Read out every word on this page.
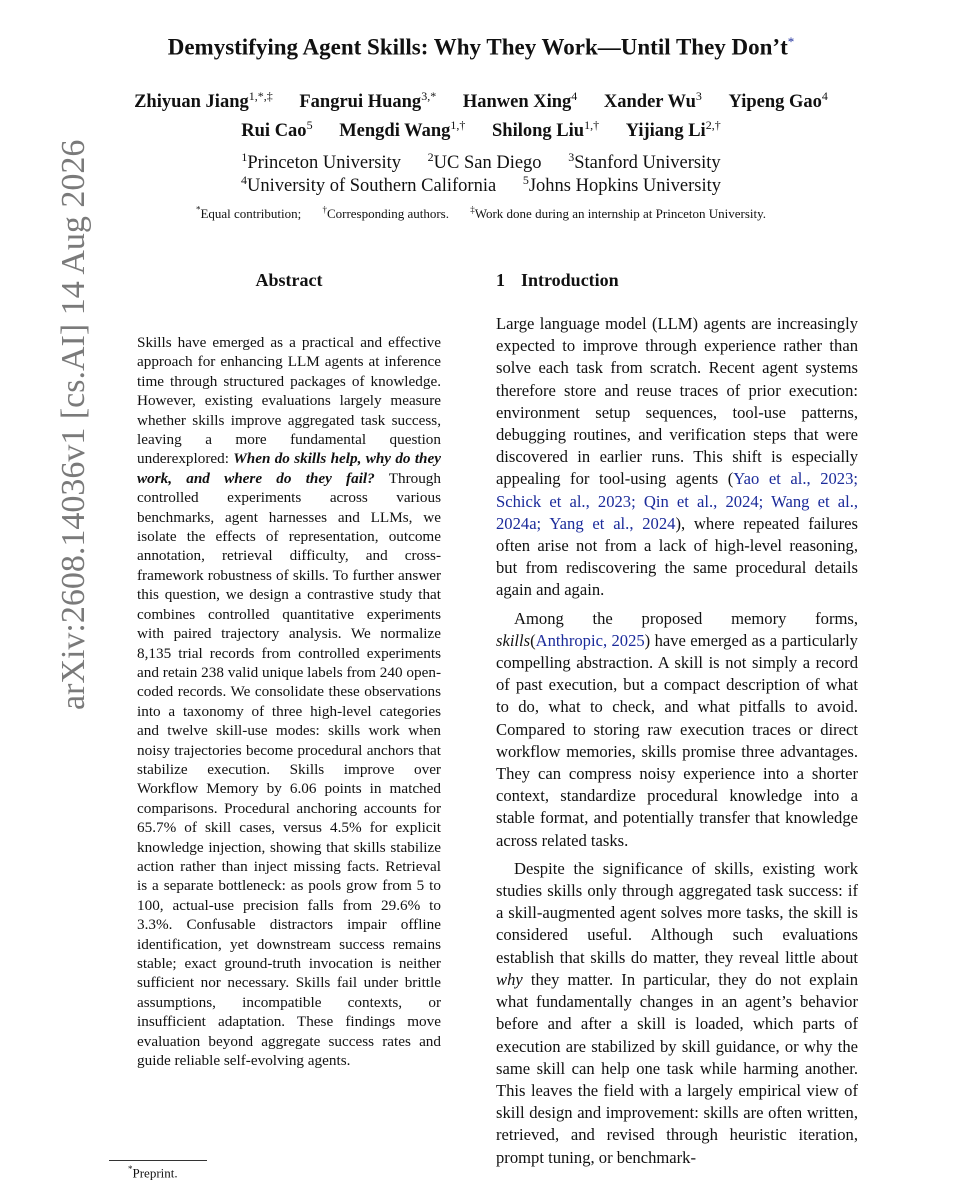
arXiv:2608.14036v1 [cs.AI] 14 Aug 2026
Demystifying Agent Skills: Why They Work—Until They Don’t*
Zhiyuan Jiang$^{1,*,\ddagger}$ Fangrui Huang$^{3,*}$ Hanwen Xing$^4$ Xander Wu$^3$ Yipeng Gao$^4$
Rui Cao$^5$ Mengdi Wang$^{1,\dagger}$ Shilong Liu$^{1,\dagger}$ Yijiang $Li^{2,\dagger}$
$^1$Princeton University $^2$UC San Diego $^3$Stanford University
$^4$University of Southern California $^5$Johns Hopkins University
*Equal contribution; †Corresponding authors. ‡Work done during an internship at Princeton University.
Abstract
Skills have emerged as a practical and effective approach for enhancing LLM agents at inference time through structured packages of knowledge. However, existing evaluations largely measure whether skills improve aggregated task success, leaving a more fundamental question underexplored: When do skills help, why do they work, and where do they fail? Through controlled experiments across various benchmarks, agent harnesses and LLMs, we isolate the effects of representation, outcome annotation, retrieval difficulty, and cross-framework robustness of skills. To further answer this question, we design a contrastive study that combines controlled quantitative experiments with paired trajectory analysis. We normalize 8,135 trial records from controlled experiments and retain 238 valid unique labels from 240 open-coded records. We consolidate these observations into a taxonomy of three high-level categories and twelve skill-use modes: skills work when noisy trajectories become procedural anchors that stabilize execution. Skills improve over Workflow Memory by 6.06 points in matched comparisons. Procedural anchoring accounts for 65.7% of skill cases, versus 4.5% for explicit knowledge injection, showing that skills stabilize action rather than inject missing facts. Retrieval is a separate bottleneck: as pools grow from 5 to 100, actual-use precision falls from 29.6% to 3.3%. Confusable distractors impair offline identification, yet downstream success remains stable; exact ground-truth invocation is neither sufficient nor necessary. Skills fail under brittle assumptions, incompatible contexts, or insufficient adaptation. These findings move evaluation beyond aggregate success rates and guide reliable self-evolving agents.
1 Introduction

Large language model (LLM) agents are increasingly expected to improve through experience rather than solve each task from scratch. Recent agent systems therefore store and reuse traces of prior execution: environment setup sequences, tool-use patterns, debugging routines, and verification steps that were discovered in earlier runs. This shift is especially appealing for tool-using agents (Yao et al., 2023; Schick et al., 2023; Qin et al., 2024; Wang et al., 2024a; Yang et al., 2024), where repeated failures often arise not from a lack of high-level reasoning, but from rediscovering the same procedural details again and again.

Among the proposed memory forms, skills(Anthropic, 2025) have emerged as a particularly compelling abstraction. A skill is not simply a record of past execution, but a compact description of what to do, what to check, and what pitfalls to avoid. Compared to storing raw execution traces or direct workflow memories, skills promise three advantages. They can compress noisy experience into a shorter context, standardize procedural knowledge into a stable format, and potentially transfer that knowledge across related tasks.

Despite the significance of skills, existing work studies skills only through aggregated task success: if a skill-augmented agent solves more tasks, the skill is considered useful. Although such evaluations establish that skills do matter, they reveal little about why they matter. In particular, they do not explain what fundamentally changes in an agent’s behavior before and after a skill is loaded, which parts of execution are stabilized by skill guidance, or why the same skill can help one task while harming another. This leaves the field with a largely empirical view of skill design and improvement: skills are often written, retrieved, and revised through heuristic iteration, prompt tuning, or benchmark-

*Preprint.
